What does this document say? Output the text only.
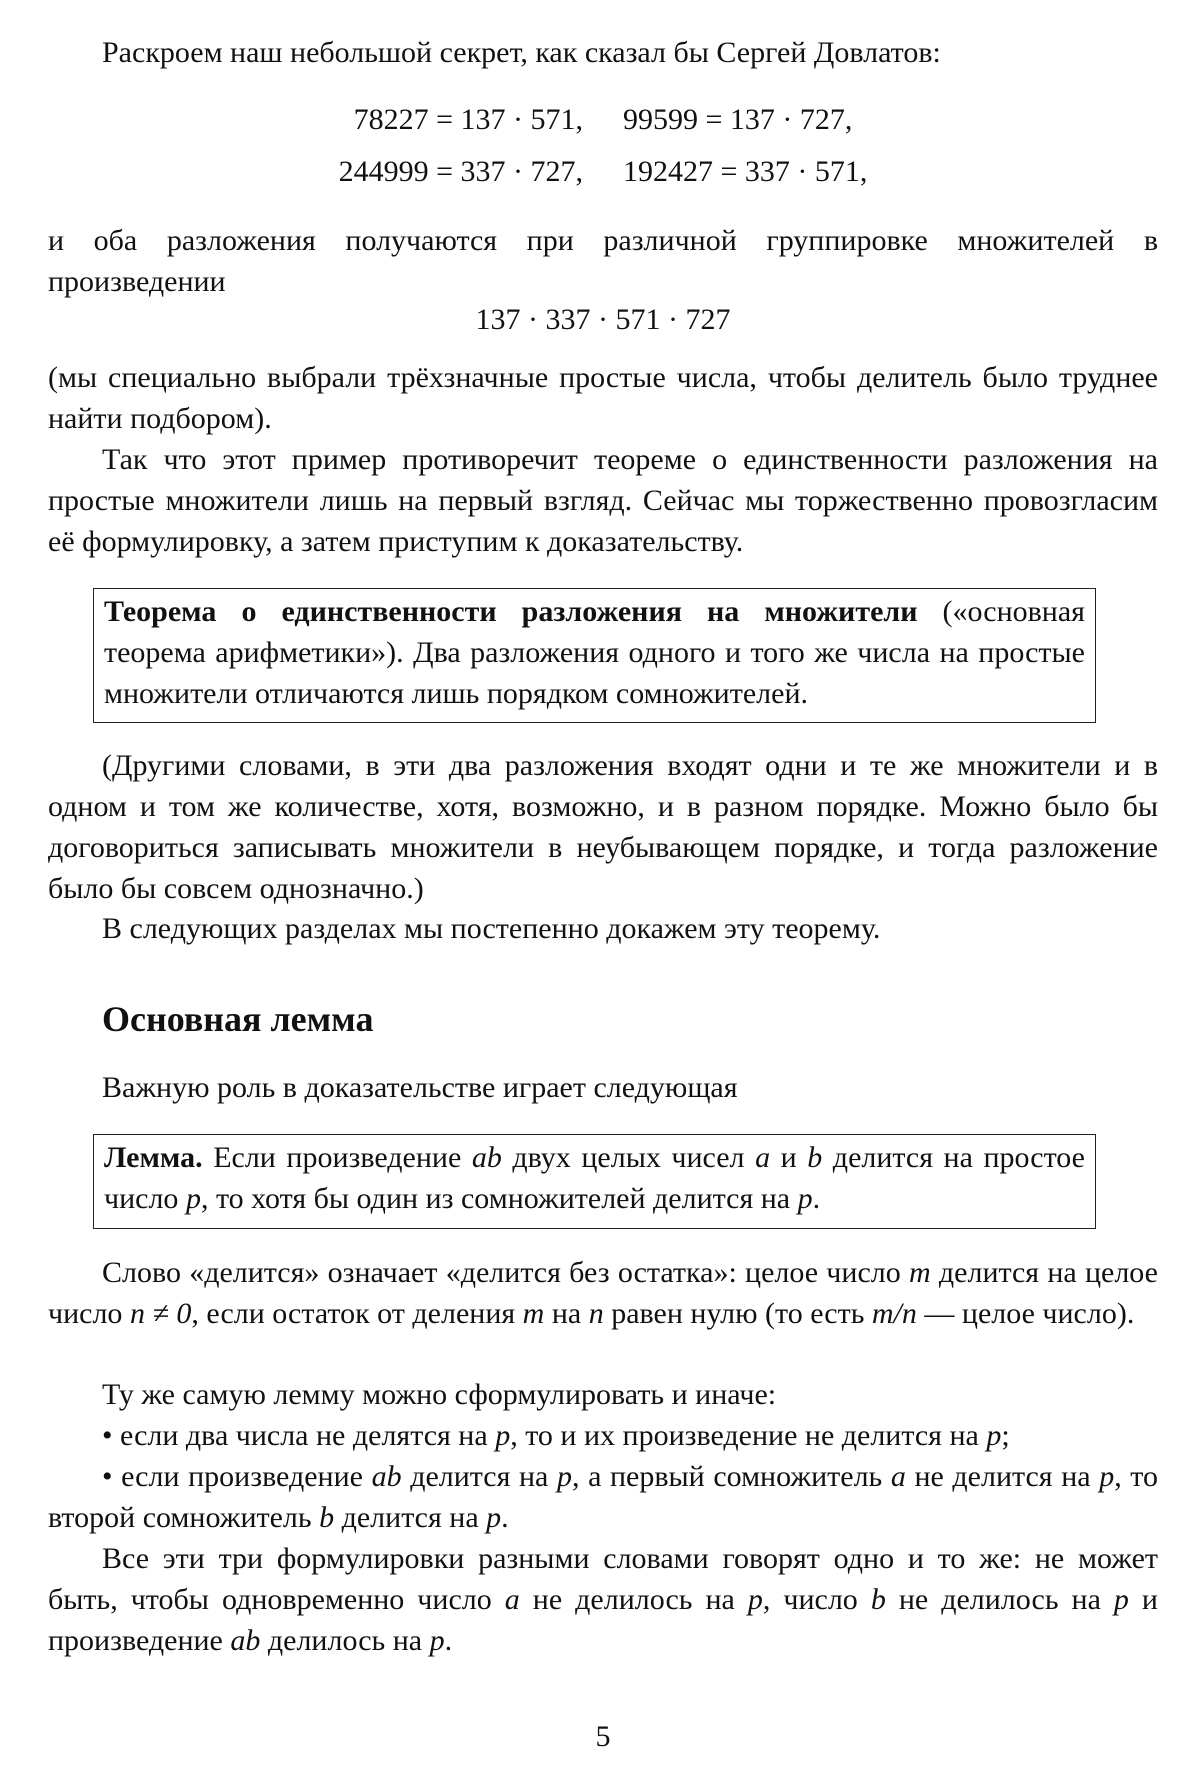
Раскроем наш небольшой секрет, как сказал бы Сергей Довлатов:

78227 = 137 · 571, 99599 = 137 · 727,
244999 = 337 · 727, 192427 = 337 · 571,

и оба разложения получаются при различной группировке множителей в произведении

137 · 337 · 571 · 727

(мы специально выбрали трёхзначные простые числа, чтобы делитель было труднее найти подбором).

Так что этот пример противоречит теореме о единственности разложения на простые множители лишь на первый взгляд. Сейчас мы торжественно провозгласим её формулировку, а затем приступим к доказательству.

Теорема о единственности разложения на множители («основная теорема арифметики»). Два разложения одного и того же числа на простые множители отличаются лишь порядком сомножителей.

(Другими словами, в эти два разложения входят одни и те же множители и в одном и том же количестве, хотя, возможно, и в разном порядке. Можно было бы договориться записывать множители в неубывающем порядке, и тогда разложение было бы совсем однозначно.)

В следующих разделах мы постепенно докажем эту теорему.

Основная лемма

Важную роль в доказательстве играет следующая

Лемма. Если произведение ab двух целых чисел a и b делится на простое число p, то хотя бы один из сомножителей делится на p.

Слово «делится» означает «делится без остатка»: целое число m делится на целое число n ≠ 0, если остаток от деления m на n равен нулю (то есть m/n — целое число).

Ту же самую лемму можно сформулировать и иначе:

• если два числа не делятся на p, то и их произведение не делится на p;

• если произведение ab делится на p, а первый сомножитель a не делится на p, то второй сомножитель b делится на p.

Все эти три формулировки разными словами говорят одно и то же: не может быть, чтобы одновременно число a не делилось на p, число b не делилось на p и произведение ab делилось на p.

5
